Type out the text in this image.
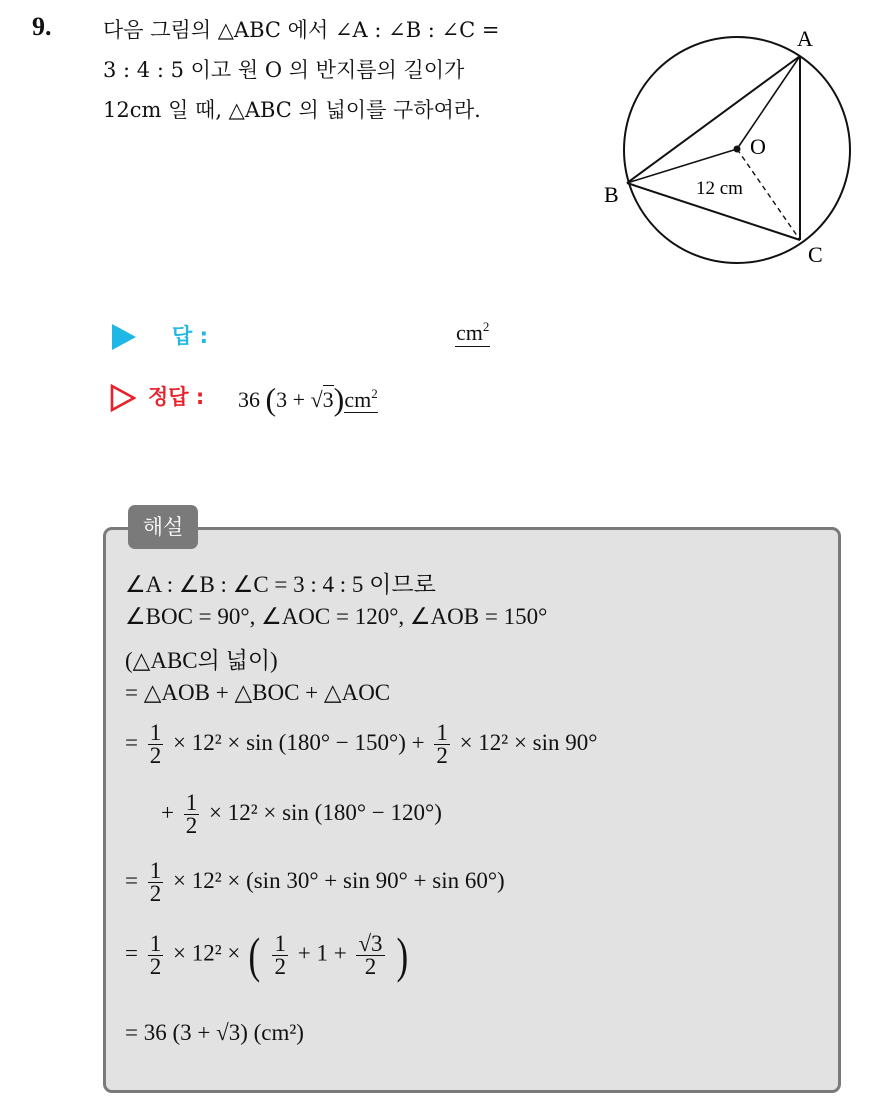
9. 다음 그림의 △ABC 에서 ∠A : ∠B : ∠C =
3 : 4 : 5 이고 원 O 의 반지름의 길이가
12cm 일 때, △ABC 의 넓이를 구하여라.
A
O
B
C
12 cm
답 :	$cm^2$
정답 : 36 $(3 + √3)cm^2$
해설
∠A : ∠B : ∠C = 3 : 4 : 5 이므로
∠BOC = 90°, ∠AOC = 120°, ∠AOB = 150°
(△ABC의 넓이)
= △AOB + △BOC + △AOC
= $\frac{1}{2} \times 12^2 \times \sin (180^\circ - 150^\circ) + \frac{1}{2} \times 12^2 \times \sin 90^\circ$
+ $\frac{1}{2} \times 12^2 \times \sin (180^\circ - 120^\circ)$
= $\frac{1}{2} \times 12^2 \times (\sin$ 30° + sin 90° + sin 60°)
= $\frac{1}{2} \times 12^2$ × ( $\frac{1}{2} + 1 + \frac{√3}{2}$ )
= 36 (3 + √3) (cm²)
